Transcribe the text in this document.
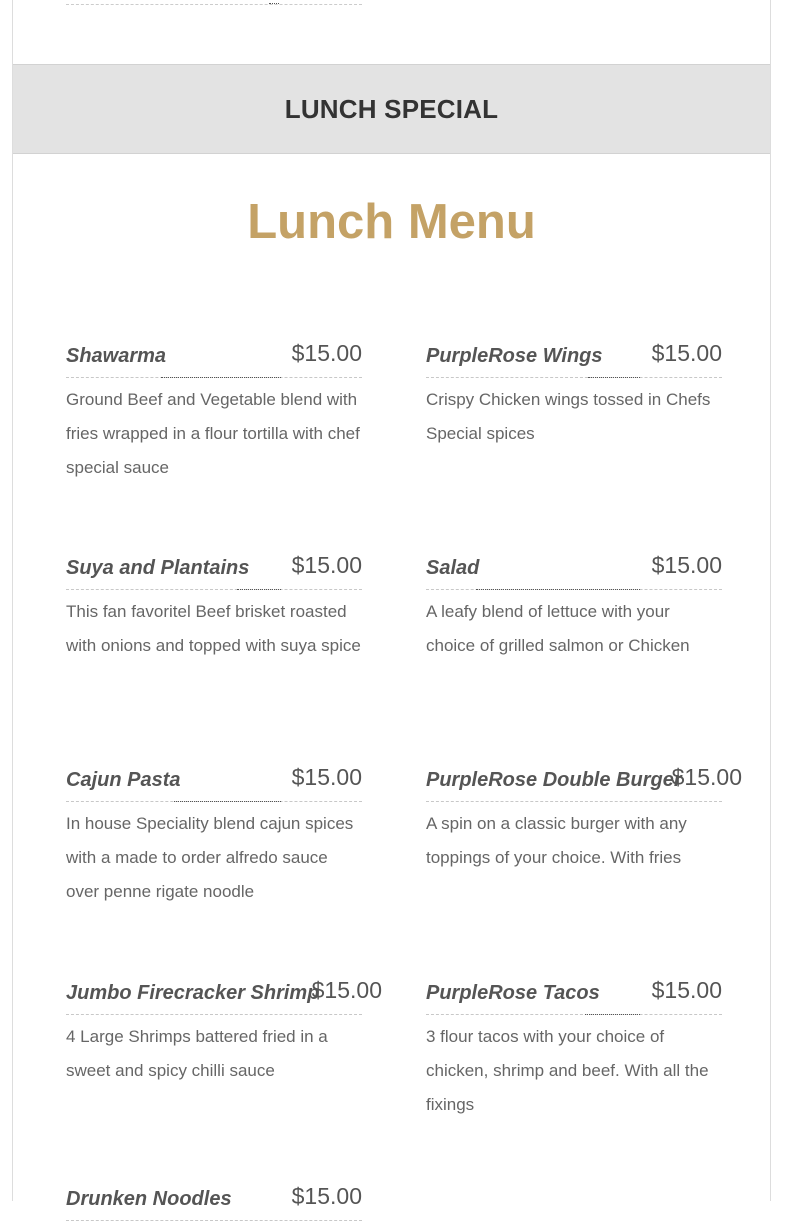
LUNCH SPECIAL
Lunch Menu
Shawarma	$15.00
Ground Beef and Vegetable blend with fries wrapped in a flour tortilla with chef special sauce
PurpleRose Wings $15.00
Crispy Chicken wings tossed in Chefs Special spices
Suya and Plantains $15.00
This fan favoritel Beef brisket roasted with onions and topped with suya spice
Salad	$15.00
A leafy blend of lettuce with your choice of grilled salmon or Chicken
Cajun Pasta	$15.00
In house Speciality blend cajun spices with a made to order alfredo sauce over penne rigate noodle
PurpleRose Double Burger
$15.00
A spin on a classic burger with any toppings of your choice. With fries
Jumbo Firecracker Shrimp
$15.00
4 Large Shrimps battered fried in a sweet and spicy chilli sauce
PurpleRose Tacos $15.00
3 flour tacos with your choice of chicken, shrimp and beef. With all the fixings
Drunken Noodles	$15.00
